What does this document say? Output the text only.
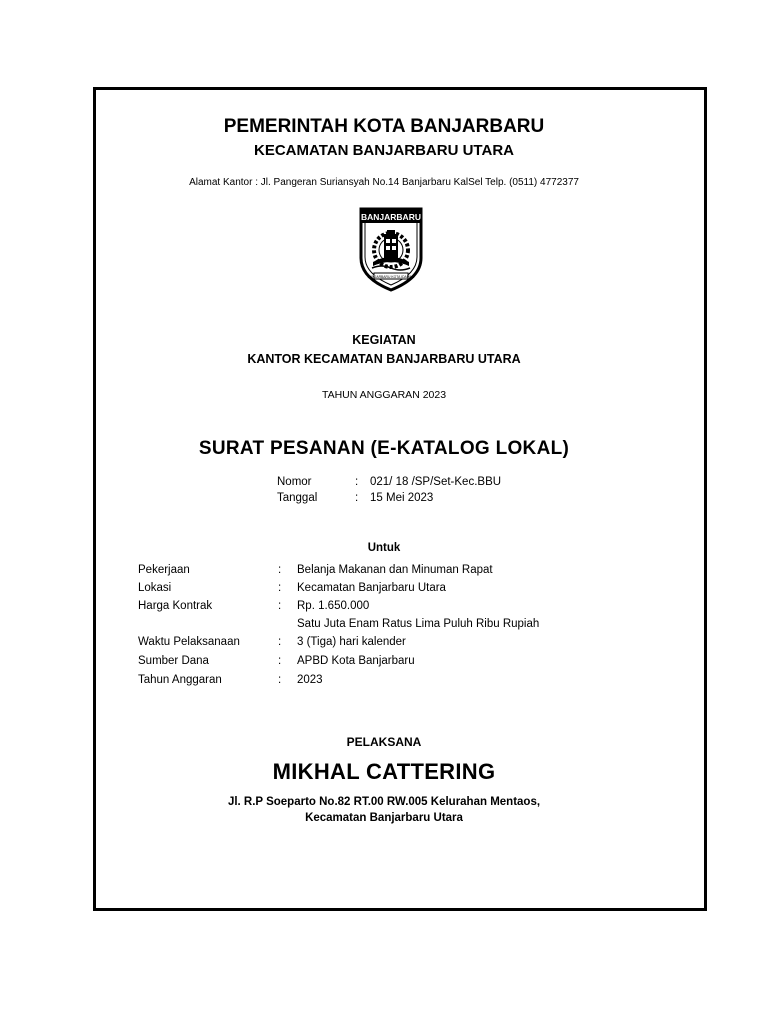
PEMERINTAH KOTA BANJARBARU
KECAMATAN BANJARBARU UTARA
Alamat Kantor : Jl. Pangeran Suriansyah No.14 Banjarbaru KalSel Telp. (0511) 4772377
BANJARBARU
BANJARBARU KOTA IDAMAN
KEGIATAN
KANTOR KECAMATAN BANJARBARU UTARA
TAHUN ANGGARAN 2023
SURAT PESANAN (E-KATALOG LOKAL)
Nomor	: 021/ 18 /SP/Set-Kec.BBU
Tanggal	: 15 Mei 2023
Untuk
Pekerjaan	: Belanja Makanan dan Minuman Rapat
Lokasi	: Kecamatan Banjarbaru Utara
Harga Kontrak	: Rp. 1.650.000
Satu Juta Enam Ratus Lima Puluh Ribu Rupiah
Waktu Pelaksanaan	: 3 (Tiga) hari kalender
Sumber Dana	: APBD Kota Banjarbaru
Tahun Anggaran	: 2023
PELAKSANA
MIKHAL CATTERING
Jl. R.P Soeparto No.82 RT.00 RW.005 Kelurahan Mentaos,
Kecamatan Banjarbaru Utara
